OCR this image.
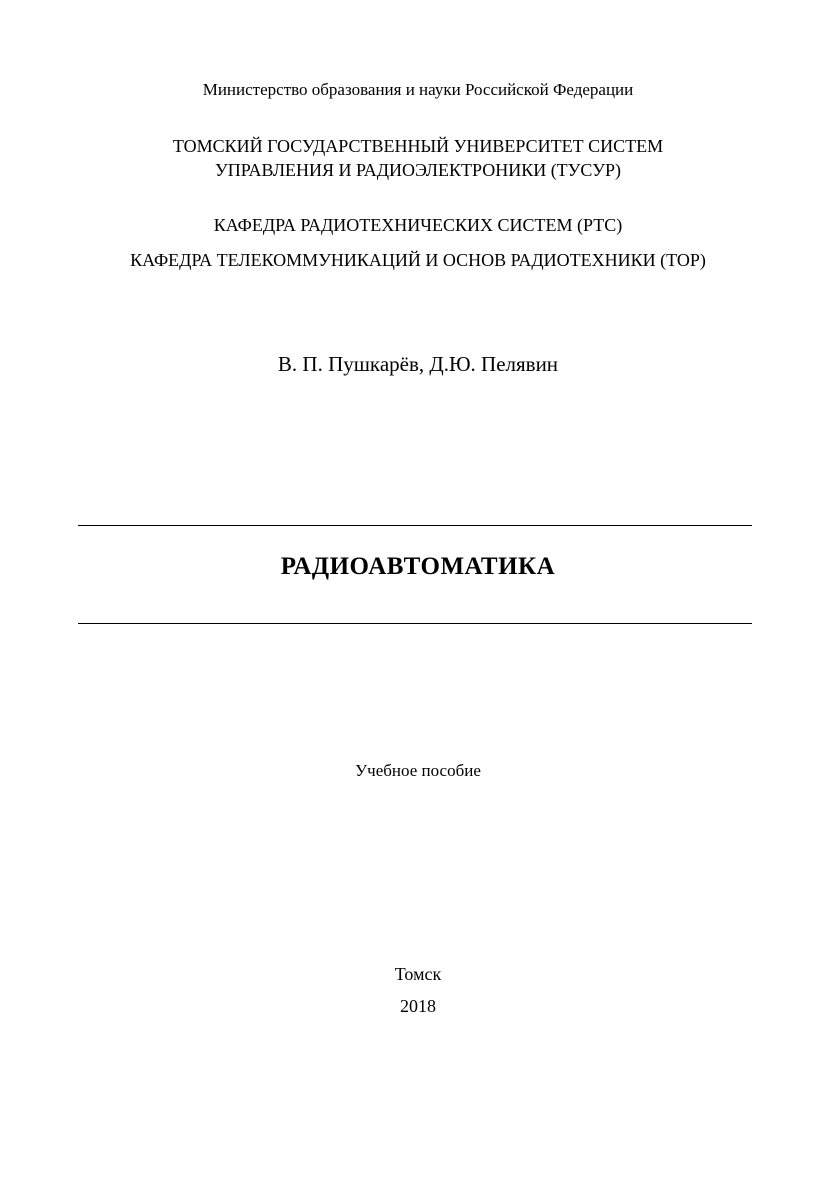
Министерство образования и науки Российской Федерации
ТОМСКИЙ ГОСУДАРСТВЕННЫЙ УНИВЕРСИТЕТ СИСТЕМ
УПРАВЛЕНИЯ И РАДИОЭЛЕКТРОНИКИ (ТУСУР)
КАФЕДРА РАДИОТЕХНИЧЕСКИХ СИСТЕМ (РТС)
КАФЕДРА ТЕЛЕКОММУНИКАЦИЙ И ОСНОВ РАДИОТЕХНИКИ (ТОР)
В. П. Пушкарёв, Д.Ю. Пелявин
РАДИОАВТОМАТИКА
Учебное пособие
Томск
2018
